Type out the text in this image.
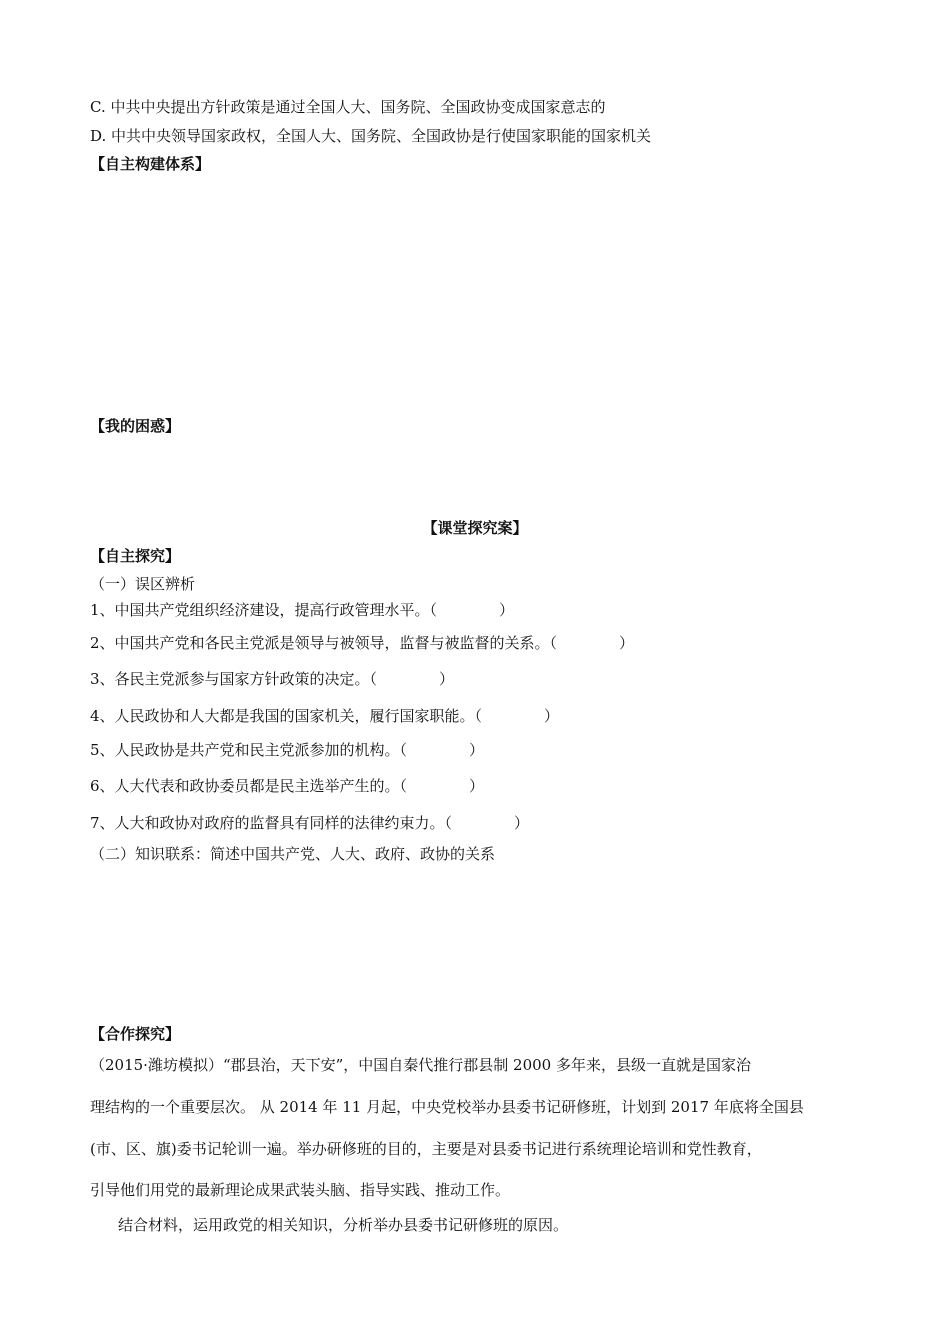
C. 中共中央提出方针政策是通过全国人大、国务院、全国政协变成国家意志的
D. 中共中央领导国家政权，全国人大、国务院、全国政协是行使国家职能的国家机关
【自主构建体系】
【我的困惑】
【课堂探究案】
【自主探究】
（一）误区辨析
1、中国共产党组织经济建设，提高行政管理水平。（	）
2、中国共产党和各民主党派是领导与被领导，监督与被监督的关系。（	）
3、各民主党派参与国家方针政策的决定。（	）
4、人民政协和人大都是我国的国家机关，履行国家职能。（	）
5、人民政协是共产党和民主党派参加的机构。（	）
6、人大代表和政协委员都是民主选举产生的。（	）
7、人大和政协对政府的监督具有同样的法律约束力。（	）
（二）知识联系：简述中国共产党、人大、政府、政协的关系
【合作探究】
（2015·潍坊模拟）“郡县治，天下安”，中国自秦代推行郡县制 2000 多年来，县级一直就是国家治
理结构的一个重要层次。 从 2014 年 11 月起，中央党校举办县委书记研修班，计划到 2017 年底将全国县
(市、区、旗)委书记轮训一遍。举办研修班的目的，主要是对县委书记进行系统理论培训和党性教育，
引导他们用党的最新理论成果武装头脑、指导实践、推动工作。
结合材料，运用政党的相关知识，分析举办县委书记研修班的原因。
